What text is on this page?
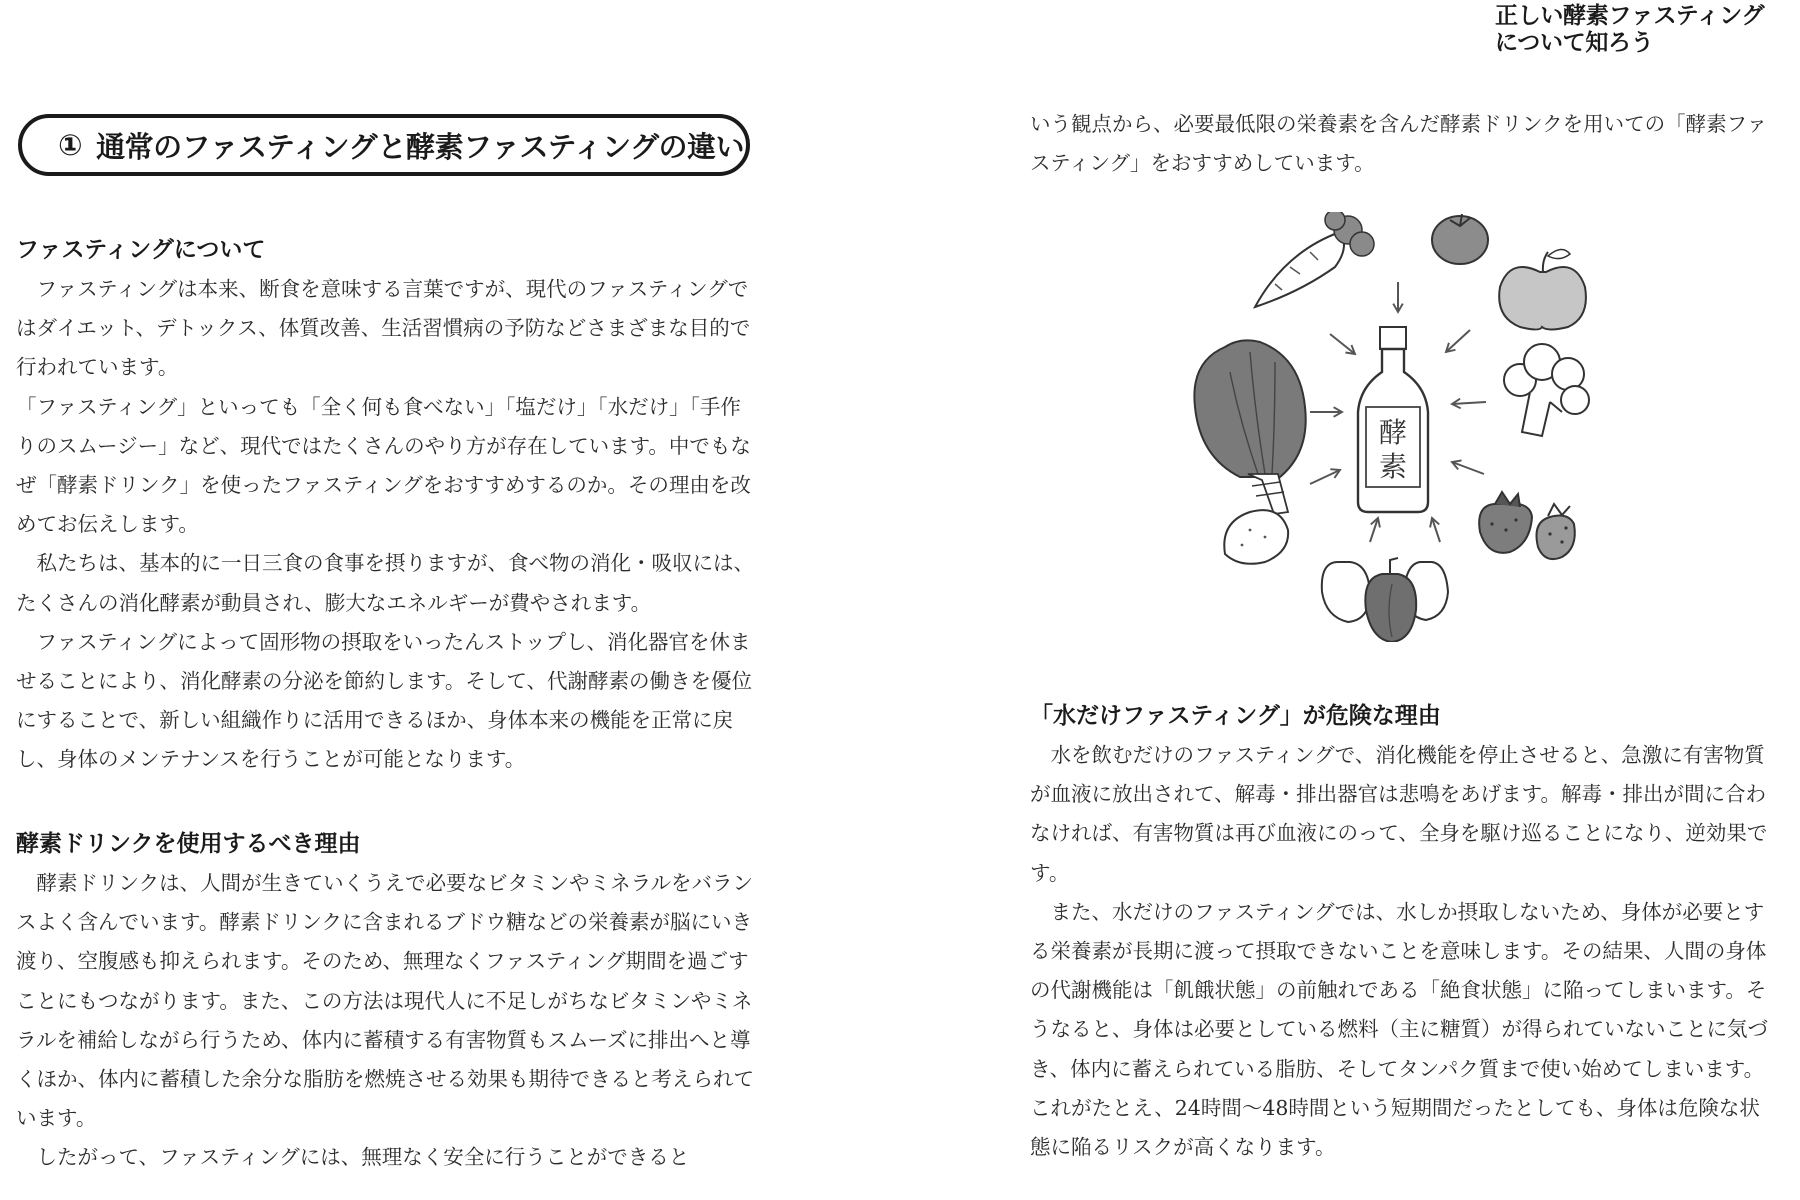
正しい酵素ファスティング
について知ろう
① 通常のファスティングと酵素ファスティングの違い
ファスティングについて

ファスティングは本来、断食を意味する言葉ですが、現代のファスティングではダイエット、デトックス、体質改善、生活習慣病の予防などさまざまな目的で行われています。

「ファスティング」といっても「全く何も食べない」「塩だけ」「水だけ」「手作りのスムージー」など、現代ではたくさんのやり方が存在しています。中でもなぜ「酵素ドリンク」を使ったファスティングをおすすめするのか。その理由を改めてお伝えします。

私たちは、基本的に一日三食の食事を摂りますが、食べ物の消化・吸収には、たくさんの消化酵素が動員され、膨大なエネルギーが費やされます。

ファスティングによって固形物の摂取をいったんストップし、消化器官を休ませることにより、消化酵素の分泌を節約します。そして、代謝酵素の働きを優位にすることで、新しい組織作りに活用できるほか、身体本来の機能を正常に戻し、身体のメンテナンスを行うことが可能となります。

酵素ドリンクを使用するべき理由

酵素ドリンクは、人間が生きていくうえで必要なビタミンやミネラルをバランスよく含んでいます。酵素ドリンクに含まれるブドウ糖などの栄養素が脳にいき渡り、空腹感も抑えられます。そのため、無理なくファスティング期間を過ごすことにもつながります。また、この方法は現代人に不足しがちなビタミンやミネラルを補給しながら行うため、体内に蓄積する有害物質もスムーズに排出へと導くほか、体内に蓄積した余分な脂肪を燃焼させる効果も期待できると考えられています。

したがって、ファスティングには、無理なく安全に行うことができると

いう観点から、必要最低限の栄養素を含んだ酵素ドリンクを用いての「酵素ファスティング」をおすすめしています。

酵
素
「水だけファスティング」が危険な理由

水を飲むだけのファスティングで、消化機能を停止させると、急激に有害物質が血液に放出されて、解毒・排出器官は悲鳴をあげます。解毒・排出が間に合わなければ、有害物質は再び血液にのって、全身を駆け巡ることになり、逆効果です。

また、水だけのファスティングでは、水しか摂取しないため、身体が必要とする栄養素が長期に渡って摂取できないことを意味します。その結果、人間の身体の代謝機能は「飢餓状態」の前触れである「絶食状態」に陥ってしまいます。そうなると、身体は必要としている燃料（主に糖質）が得られていないことに気づき、体内に蓄えられている脂肪、そしてタンパク質まで使い始めてしまいます。これがたとえ、24時間〜48時間という短期間だったとしても、身体は危険な状態に陥るリスクが高くなります。
